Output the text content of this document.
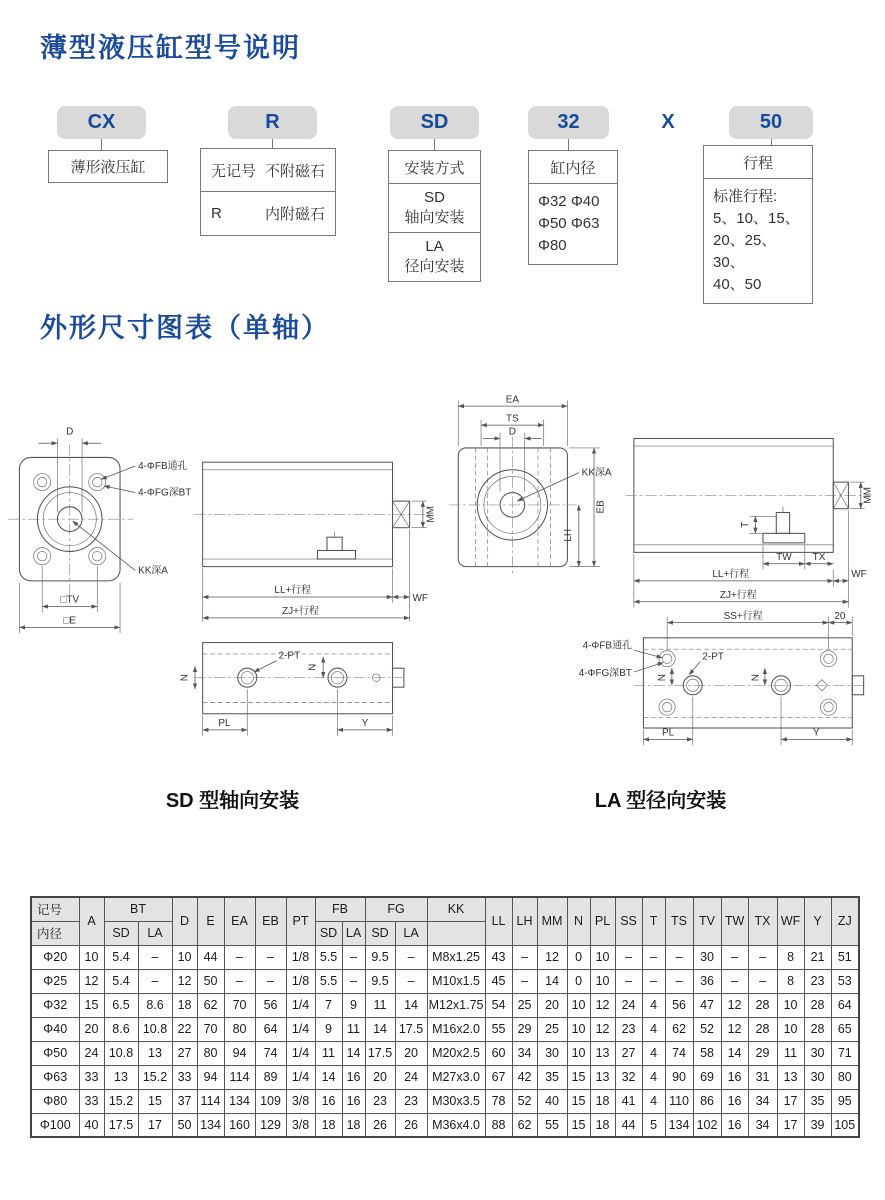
薄型液压缸型号说明
CX	R	SD	32	X	50
薄形液压缸	无记号 不附磁石
R	内附磁石
安装方式
SD
轴向安装
LA
径向安装
缸内径
Φ32 Φ40
Φ50 Φ63
Φ80
行程
标准行程:
5、10、15、
20、25、30、
40、50
外形尺寸图表（单轴）
D
4-ΦFB通孔
4-ΦFG深BT
KK深A
□TV
□E
MM
LL+行程
WF
ZJ+行程
2-PT
N
N
PL	Y
EA
TS
D
KK深A
EB
LH
MM
T
TW TX
LL+行程	WF
ZJ+行程
SS+行程	20
4-ΦFB通孔
4-ΦFG深BT
2-PT
N	N
PL	Y
SD 型轴向安装	LA 型径向安装
记号	A	BT		D	E	EA	EB	PT	FB		FG		KK	LL	LH	MM	N	PL	SS	T	TS	TV	TW	TX	WF	Y	ZJ
内径		SD	LA						SD	LA	SD	LA															
Φ20	10	5.4	–	10	44	–	–	1/8	5.5	–	9.5	–	M8x1.25	43	–	12	0	10	–	–	–	30	–	–	8	21	51
Φ25	12	5.4	–	12	50	–	–	1/8	5.5	–	9.5	–	M10x1.5	45	–	14	0	10	–	–	–	36	–	–	8	23	53
Φ32	15	6.5	8.6	18	62	70	56	1/4	7	9	11	14	M12x1.75	54	25	20	10	12	24	4	56	47	12	28	10	28	64
Φ40	20	8.6	10.8	22	70	80	64	1/4	9	11	14	17.5	M16x2.0	55	29	25	10	12	23	4	62	52	12	28	10	28	65
Φ50	24	10.8	13	27	80	94	74	1/4	11	14	17.5	20	M20x2.5	60	34	30	10	13	27	4	74	58	14	29	11	30	71
Φ63	33	13	15.2	33	94	114	89	1/4	14	16	20	24	M27x3.0	67	42	35	15	13	32	4	90	69	16	31	13	30	80
Φ80	33	15.2	15	37	114	134	109	3/8	16	16	23	23	M30x3.5	78	52	40	15	18	41	4	110	86	16	34	17	35	95
Φ100	40	17.5	17	50	134	160	129	3/8	18	18	26	26	M36x4.0	88	62	55	15	18	44	5	134	102	16	34	17	39	105
